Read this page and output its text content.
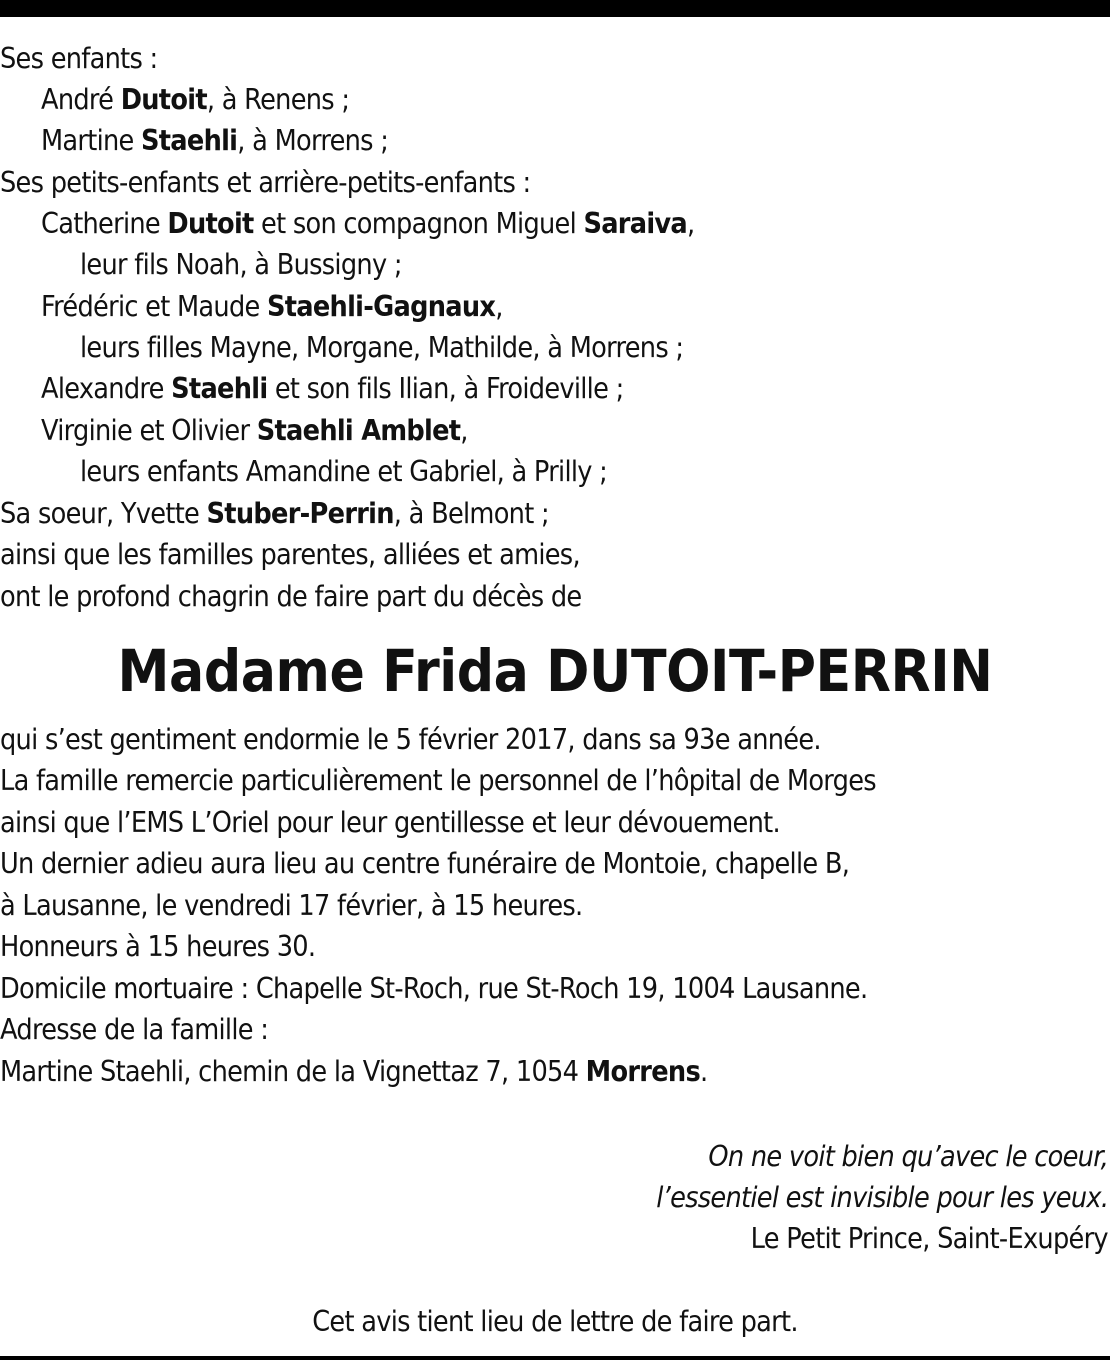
Ses enfants :
André Dutoit, à Renens ;
Martine Staehli, à Morrens ;
Ses petits-enfants et arrière-petits-enfants :
Catherine Dutoit et son compagnon Miguel Saraiva,
leur fils Noah, à Bussigny ;
Frédéric et Maude Staehli-Gagnaux,
leurs filles Mayne, Morgane, Mathilde, à Morrens ;
Alexandre Staehli et son fils Ilian, à Froideville ;
Virginie et Olivier Staehli Amblet,
leurs enfants Amandine et Gabriel, à Prilly ;
Sa soeur, Yvette Stuber-Perrin, à Belmont ;
ainsi que les familles parentes, alliées et amies,
ont le profond chagrin de faire part du décès de
Madame Frida DUTOIT-PERRIN
qui s’est gentiment endormie le 5 février 2017, dans sa 93e année.
La famille remercie particulièrement le personnel de l’hôpital de Morges
ainsi que l’EMS L’Oriel pour leur gentillesse et leur dévouement.
Un dernier adieu aura lieu au centre funéraire de Montoie, chapelle B,
à Lausanne, le vendredi 17 février, à 15 heures.
Honneurs à 15 heures 30.
Domicile mortuaire : Chapelle St-Roch, rue St-Roch 19, 1004 Lausanne.
Adresse de la famille :
Martine Staehli, chemin de la Vignettaz 7, 1054 Morrens.
On ne voit bien qu’avec le coeur,
l’essentiel est invisible pour les yeux.
Le Petit Prince, Saint-Exupéry
Cet avis tient lieu de lettre de faire part.
